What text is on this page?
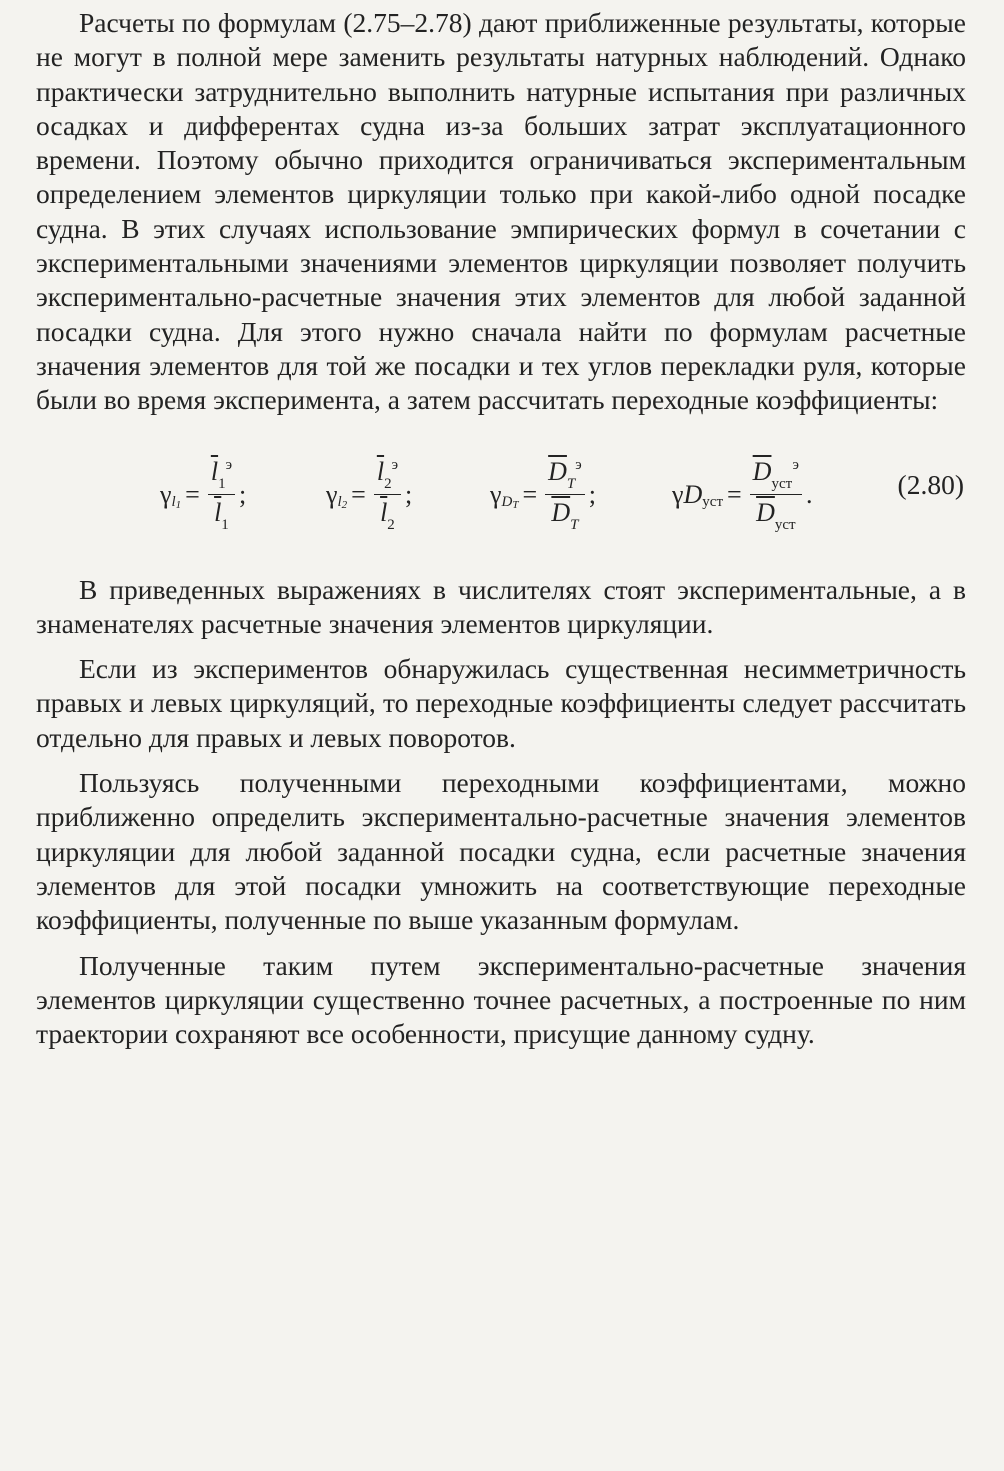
Расчеты по формулам (2.75–2.78) дают приближенные результаты, которые не могут в полной мере заменить результаты натурных наблюдений. Однако практически затруднительно выполнить натурные испытания при различных осадках и дифферентах судна из-за больших затрат эксплуатационного времени. Поэтому обычно приходится ограничиваться экспериментальным определением элементов циркуляции только при какой-либо одной посадке судна. В этих случаях использование эмпирических формул в сочетании с экспериментальными значениями элементов циркуляции позволяет получить экспериментально-расчетные значения этих элементов для любой заданной посадки судна. Для этого нужно сначала найти по формулам расчетные значения элементов для той же посадки и тех углов перекладки руля, которые были во время эксперимента, а затем рассчитать переходные коэффициенты:

γ $l1 = \frac{\overline{l}_1^э}{\overline{l}_1}$ ;	γ $l2 = \frac{\overline{l}_2^э}{\overline{l}_2}$ ;	γ DT = $\frac{\overline{D}_T^э}{\overline{D}_T}$ ;	γ D уст = $\frac{\overline{D}_{уст}^э}{\overline{D}_{уст}}$ .	(2.80)

В приведенных выражениях в числителях стоят экспериментальные, а в знаменателях расчетные значения элементов циркуляции.

Если из экспериментов обнаружилась существенная несимметричность правых и левых циркуляций, то переходные коэффициенты следует рассчитать отдельно для правых и левых поворотов.

Пользуясь полученными переходными коэффициентами, можно приближенно определить экспериментально-расчетные значения элементов циркуляции для любой заданной посадки судна, если расчетные значения элементов для этой посадки умножить на соответствующие переходные коэффициенты, полученные по выше указанным формулам.

Полученные таким путем экспериментально-расчетные значения элементов циркуляции существенно точнее расчетных, а построенные по ним траектории сохраняют все особенности, присущие данному судну.
